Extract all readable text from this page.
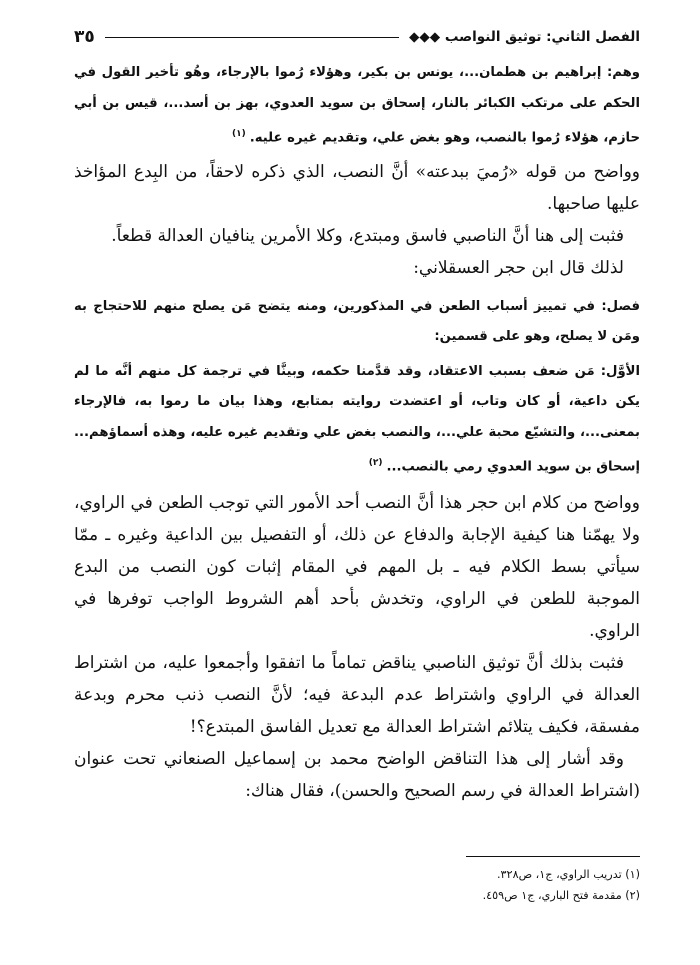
الفصل الثاني: توثيق النواصب ◆◆◆
٣٥

وهم: إبراهيم بن هطمان...، يونس بن بكير، وهؤلاء رُموا بالإرجاء، وهُو تأخير القول في الحكم على مرتكب الكبائر بالنار، إسحاق بن سويد العدوي، بهز بن أسد...، قيس بن أبي حازم، هؤلاء رُموا بالنصب، وهو بغض علي، وتقديم غيره عليه.$^{(١)}$

وواضح من قوله «رُميَ ببدعته» أنَّ النصب، الذي ذكره لاحقاً، من البِدع المؤاخذ عليها صاحبها.

فثبت إلى هنا أنَّ الناصبي فاسق ومبتدع، وكلا الأمرين ينافيان العدالة قطعاً.

لذلك قال ابن حجر العسقلاني:

فصل: في تمييز أسباب الطعن في المذكورين، ومنه يتضح مَن يصلح منهم للاحتجاج به ومَن لا يصلح، وهو على قسمين:

الأوَّل: مَن ضعف بسبب الاعتقاد، وقد قدَّمنا حكمه، وبينَّا في ترجمة كل منهم أنَّه ما لم يكن داعية، أو كان وتاب، أو اعتضدت روايته بمتابع، وهذا بيان ما رموا به، فالإرجاء بمعنى...، والتشيّع محبة علي...، والنصب بغض علي وتقديم غيره عليه، وهذه أسماؤهم... إسحاق بن سويد العدوي رمي بالنصب...$^{(٢)}$

وواضح من كلام ابن حجر هذا أنَّ النصب أحد الأمور التي توجب الطعن في الراوي، ولا يهمّنا هنا كيفية الإجابة والدفاع عن ذلك، أو التفصيل بين الداعية وغيره ـ ممّا سيأتي بسط الكلام فيه ـ بل المهم في المقام إثبات كون النصب من البدع الموجبة للطعن في الراوي، وتخدش بأحد أهم الشروط الواجب توفرها في الراوي.

فثبت بذلك أنَّ توثيق الناصبي يناقض تماماً ما اتفقوا وأجمعوا عليه، من اشتراط العدالة في الراوي واشتراط عدم البدعة فيه؛ لأنَّ النصب ذنب محرم وبدعة مفسقة، فكيف يتلائم اشتراط العدالة مع تعديل الفاسق المبتدع؟!

وقد أشار إلى هذا التناقض الواضح محمد بن إسماعيل الصنعاني تحت عنوان (اشتراط العدالة في رسم الصحيح والحسن)، فقال هناك:

(١) تدريب الراوي، ج١، ص٣٢٨.

(٢) مقدمة فتح الباري، ج١ ص٤٥٩.
